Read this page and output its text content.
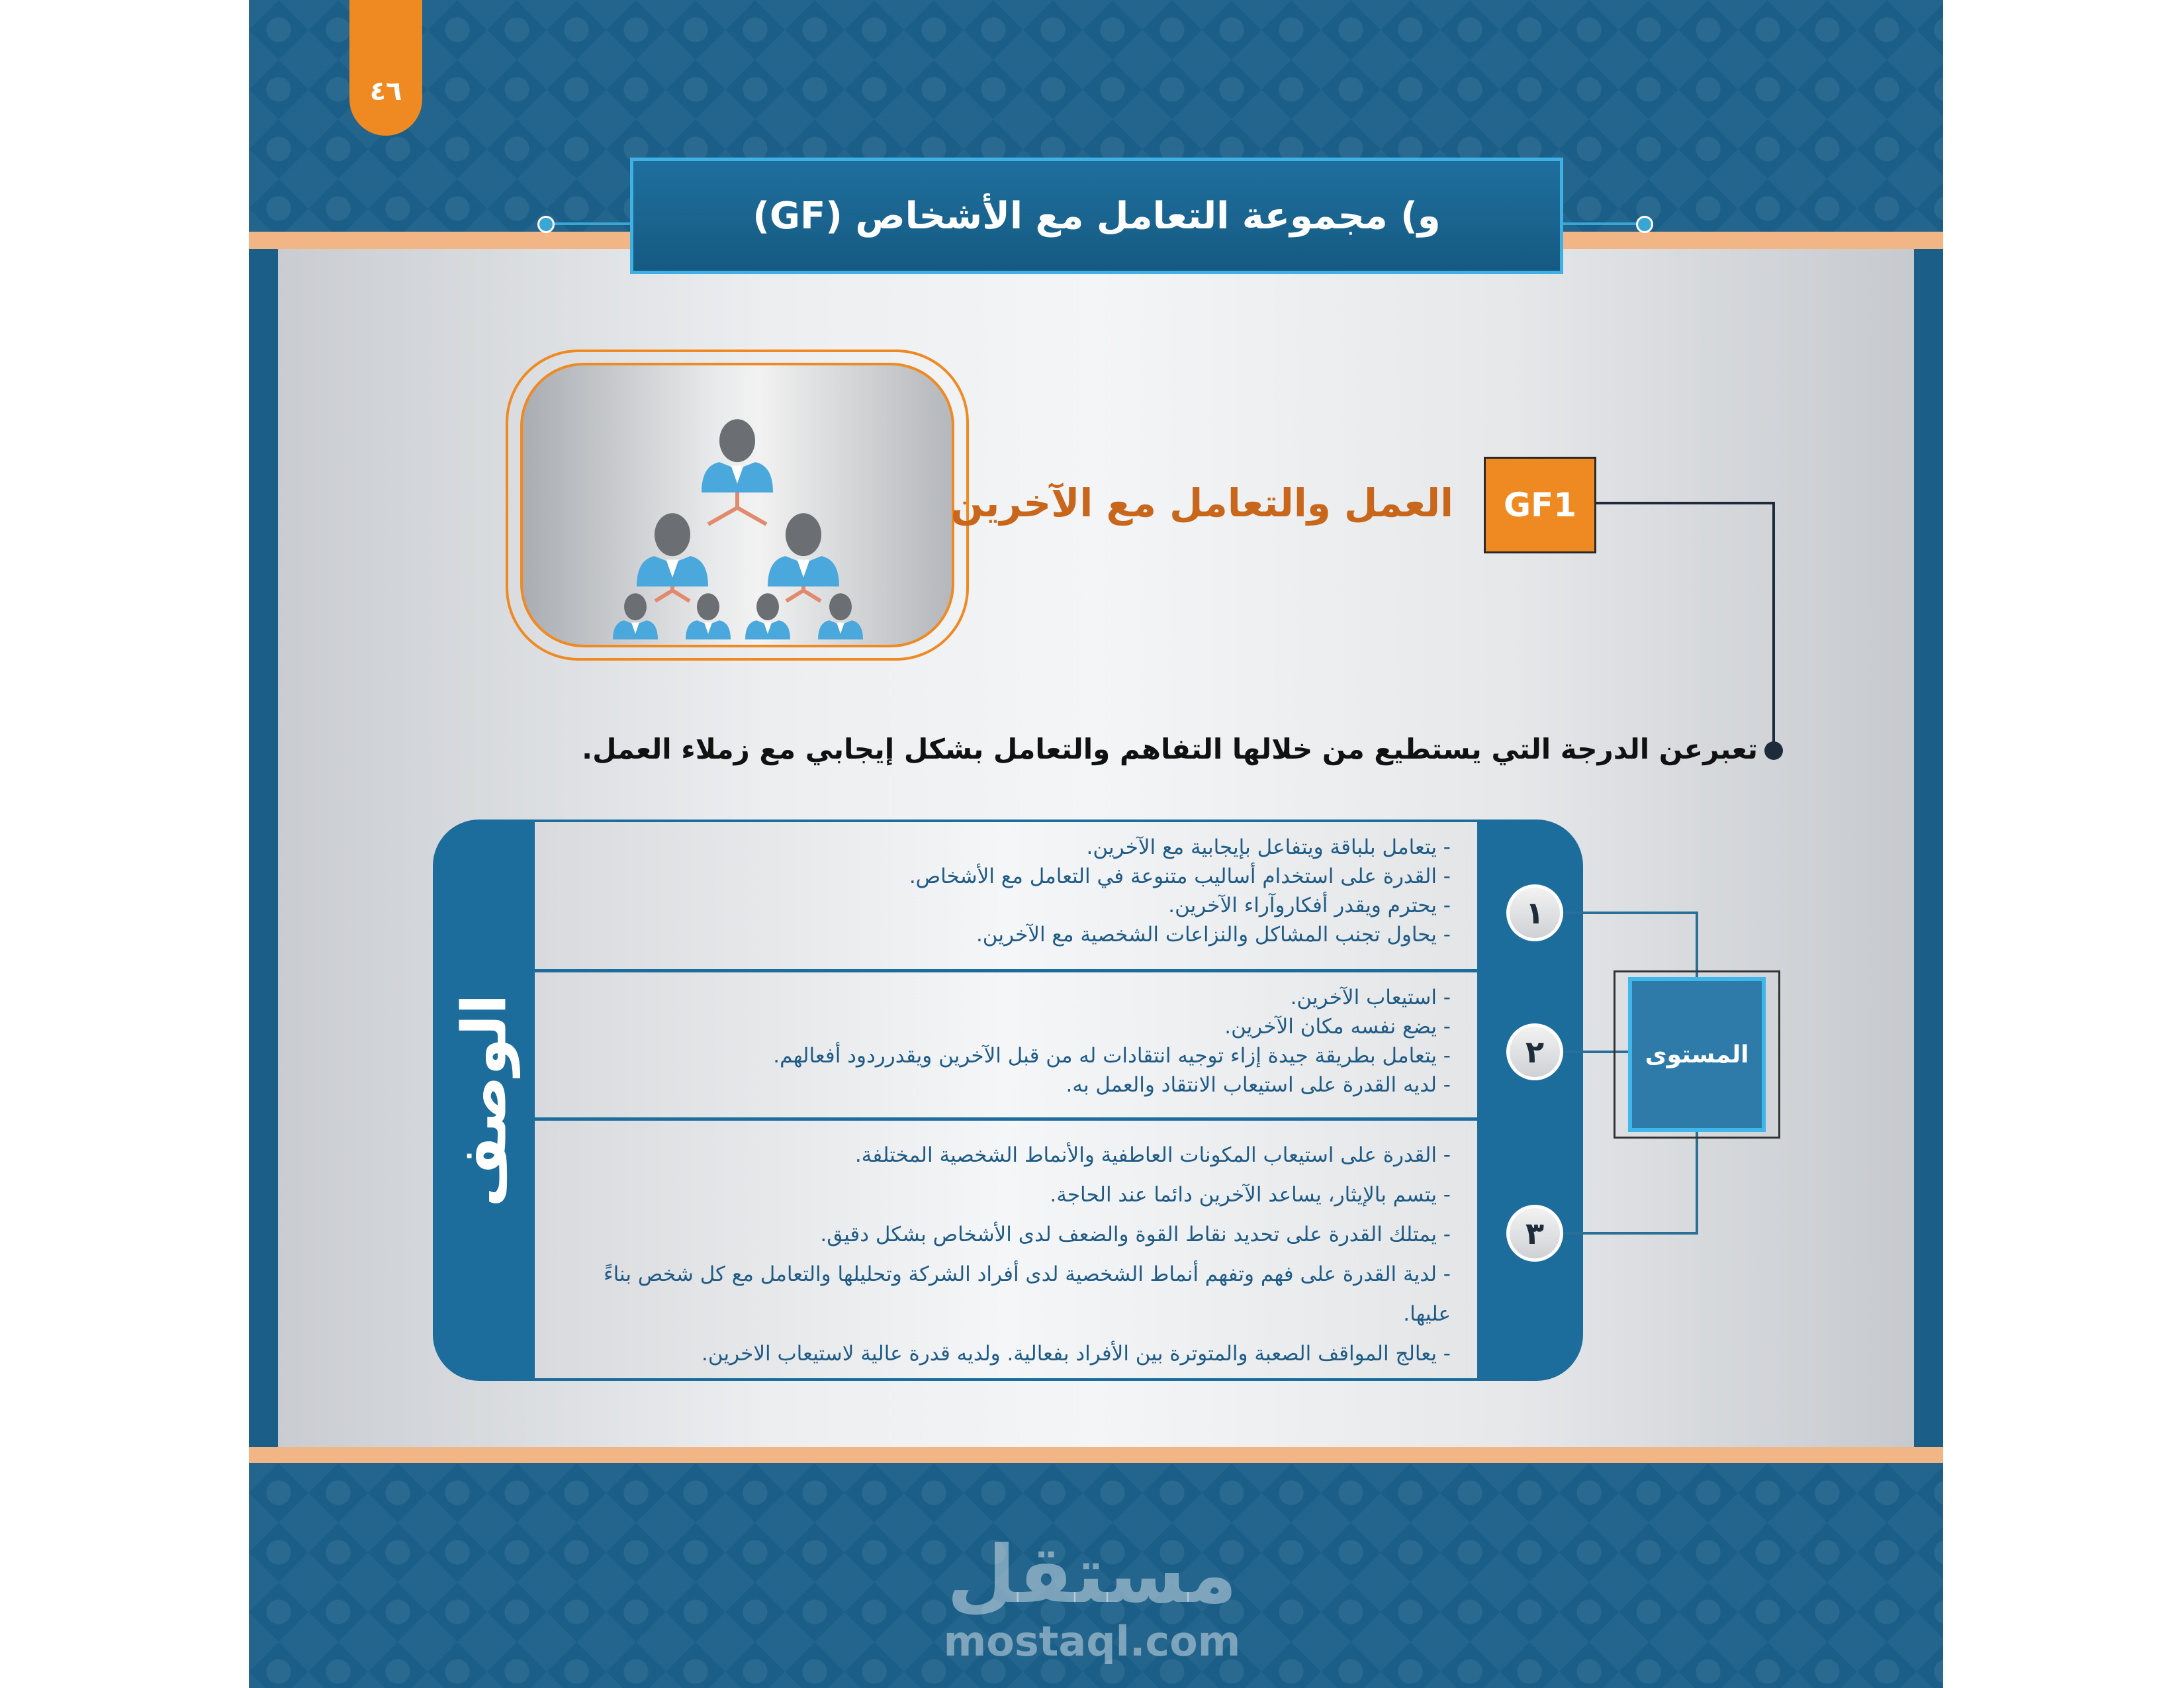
٤٦
و) مجموعة التعامل مع الأشخاص (GF)
العمل والتعامل مع الآخرين	GF1
تعبرعن الدرجة التي يستطيع من خلالها التفاهم والتعامل بشكل إيجابي مع زملاء العمل.
الوصف
- يتعامل بلباقة ويتفاعل بإيجابية مع الآخرين.
- القدرة على استخدام أساليب متنوعة في التعامل مع الأشخاص.
- يحترم ويقدر أفكاروآراء الآخرين.
- يحاول تجنب المشاكل والنزاعات الشخصية مع الآخرين.
- استيعاب الآخرين.
- يضع نفسه مكان الآخرين.
- يتعامل بطريقة جيدة إزاء توجيه انتقادات له من قبل الآخرين ويقدرردود أفعالهم.
- لديه القدرة على استيعاب الانتقاد والعمل به.
- القدرة على استيعاب المكونات العاطفية والأنماط الشخصية المختلفة.
- يتسم بالإيثار، يساعد الآخرين دائما عند الحاجة.
- يمتلك القدرة على تحديد نقاط القوة والضعف لدى الأشخاص بشكل دقيق.
- لدية القدرة على فهم وتفهم أنماط الشخصية لدى أفراد الشركة وتحليلها والتعامل مع كل شخص بناءً عليها.
- يعالج المواقف الصعبة والمتوترة بين الأفراد بفعالية. ولديه قدرة عالية لاستيعاب الاخرين.
١
٢
٣
المستوى
مستقل
mostaql.com
